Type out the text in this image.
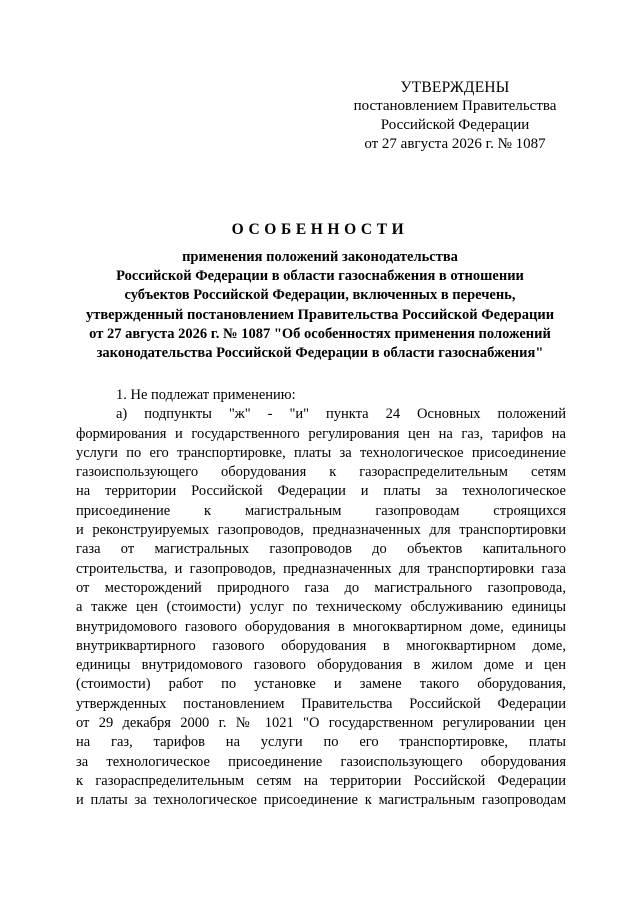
УТВЕРЖДЕНЫ
постановлением Правительства
Российской Федерации
от 27 августа 2026 г. № 1087
ОСОБЕННОСТИ
применения положений законодательства
Российской Федерации в области газоснабжения в отношении
субъектов Российской Федерации, включенных в перечень,
утвержденный постановлением Правительства Российской Федерации
от 27 августа 2026 г. № 1087 "Об особенностях применения положений
законодательства Российской Федерации в области газоснабжения"

1. Не подлежат применению:

а) подпункты "ж" - "и" пункта 24 Основных положений
формирования и государственного регулирования цен на газ, тарифов на
услуги по его транспортировке, платы за технологическое присоединение
газоиспользующего оборудования к газораспределительным сетям
на территории Российской Федерации и платы за технологическое
присоединение к магистральным газопроводам строящихся
и реконструируемых газопроводов, предназначенных для транспортировки
газа от магистральных газопроводов до объектов капитального
строительства, и газопроводов, предназначенных для транспортировки газа
от месторождений природного газа до магистрального газопровода,
а также цен (стоимости) услуг по техническому обслуживанию единицы
внутридомового газового оборудования в многоквартирном доме, единицы
внутриквартирного газового оборудования в многоквартирном доме,
единицы внутридомового газового оборудования в жилом доме и цен
(стоимости) работ по установке и замене такого оборудования,
утвержденных постановлением Правительства Российской Федерации
от 29 декабря 2000 г. № 1021 "О государственном регулировании цен
на газ, тарифов на услуги по его транспортировке, платы
за технологическое присоединение газоиспользующего оборудования
к газораспределительным сетям на территории Российской Федерации
и платы за технологическое присоединение к магистральным газопроводам
